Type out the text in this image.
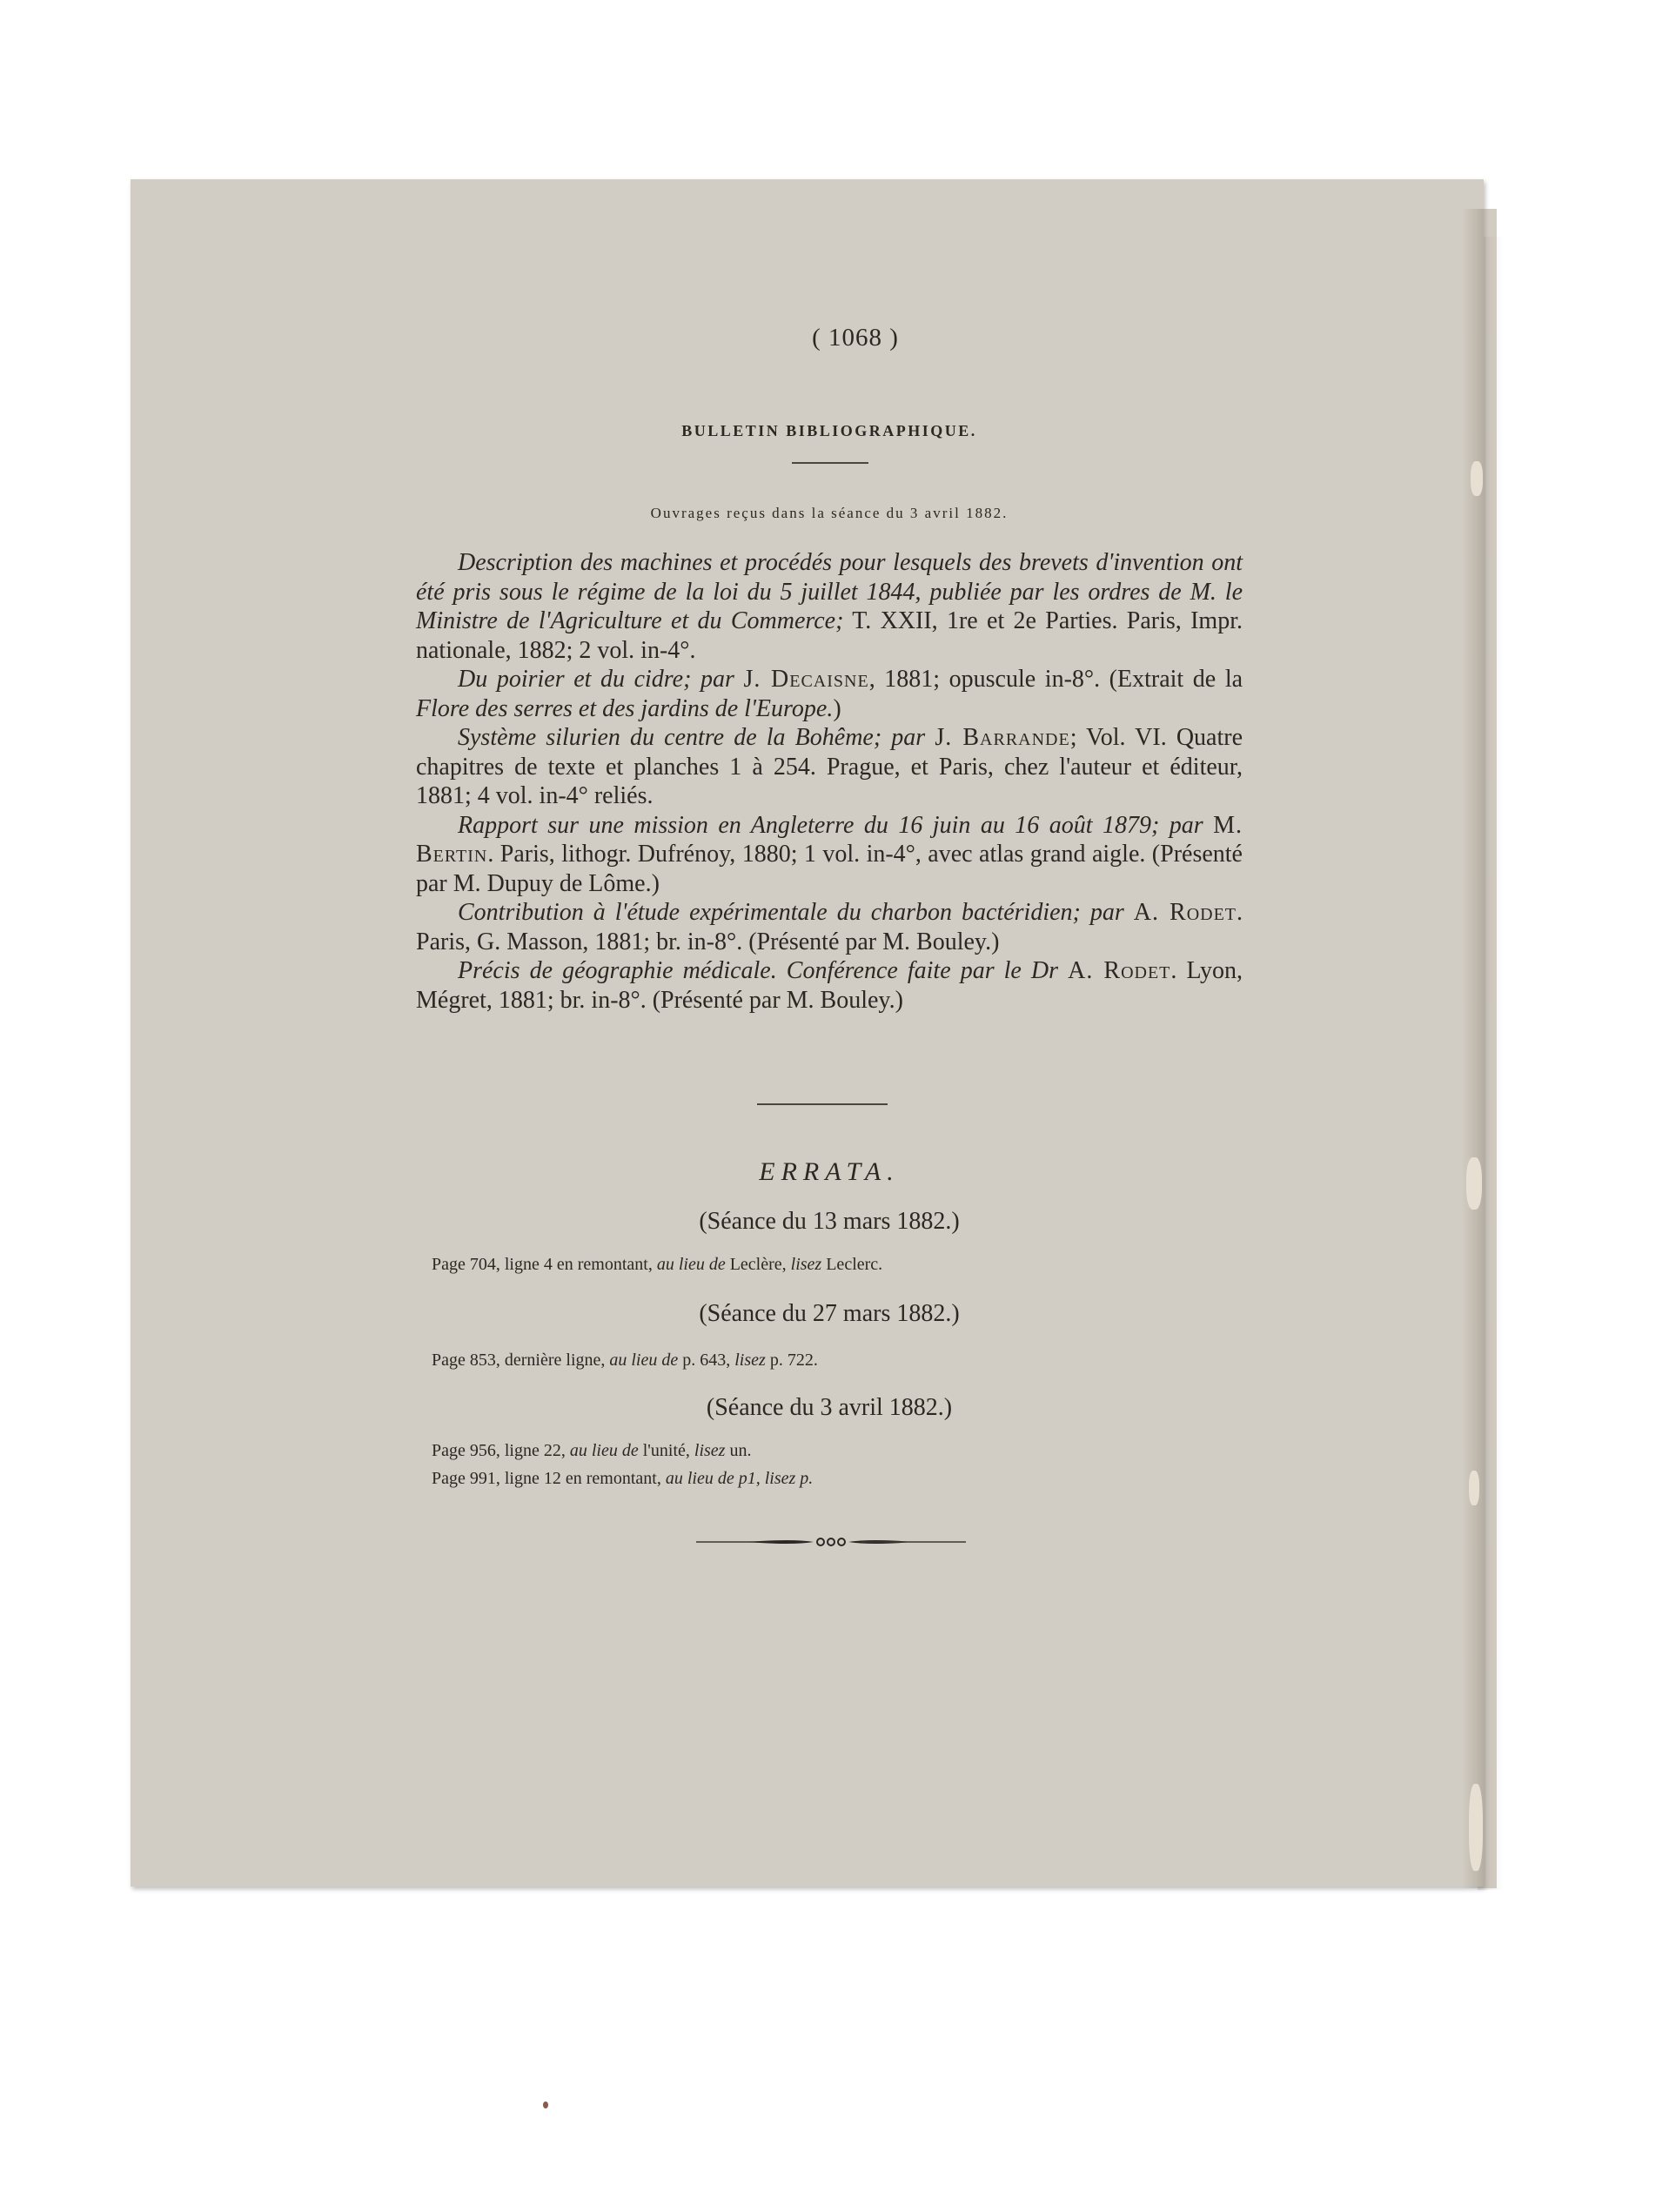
( 1068 )
BULLETIN BIBLIOGRAPHIQUE.
Ouvrages reçus dans la séance du 3 avril 1882.

Description des machines et procédés pour lesquels des brevets d'invention ont été pris sous le régime de la loi du 5 juillet 1844, publiée par les ordres de M. le Ministre de l'Agriculture et du Commerce; T. XXII, 1re et 2e Parties. Paris, Impr. nationale, 1882; 2 vol. in-4°.

Du poirier et du cidre; par J. Decaisne, 1881; opuscule in-8°. (Extrait de la Flore des serres et des jardins de l'Europe.)

Système silurien du centre de la Bohême; par J. Barrande; Vol. VI. Quatre chapitres de texte et planches 1 à 254. Prague, et Paris, chez l'auteur et éditeur, 1881; 4 vol. in-4° reliés.

Rapport sur une mission en Angleterre du 16 juin au 16 août 1879; par M. Bertin. Paris, lithogr. Dufrénoy, 1880; 1 vol. in-4°, avec atlas grand aigle. (Présenté par M. Dupuy de Lôme.)

Contribution à l'étude expérimentale du charbon bactéridien; par A. Rodet. Paris, G. Masson, 1881; br. in-8°. (Présenté par M. Bouley.)

Précis de géographie médicale. Conférence faite par le Dr A. Rodet. Lyon, Mégret, 1881; br. in-8°. (Présenté par M. Bouley.)

ERRATA.
(Séance du 13 mars 1882.)
Page 704, ligne 4 en remontant, au lieu de Leclère, lisez Leclerc.
(Séance du 27 mars 1882.)
Page 853, dernière ligne, au lieu de p. 643, lisez p. 722.
(Séance du 3 avril 1882.)
Page 956, ligne 22, au lieu de l'unité, lisez un.
Page 991, ligne 12 en remontant, au lieu de p1, lisez p.
